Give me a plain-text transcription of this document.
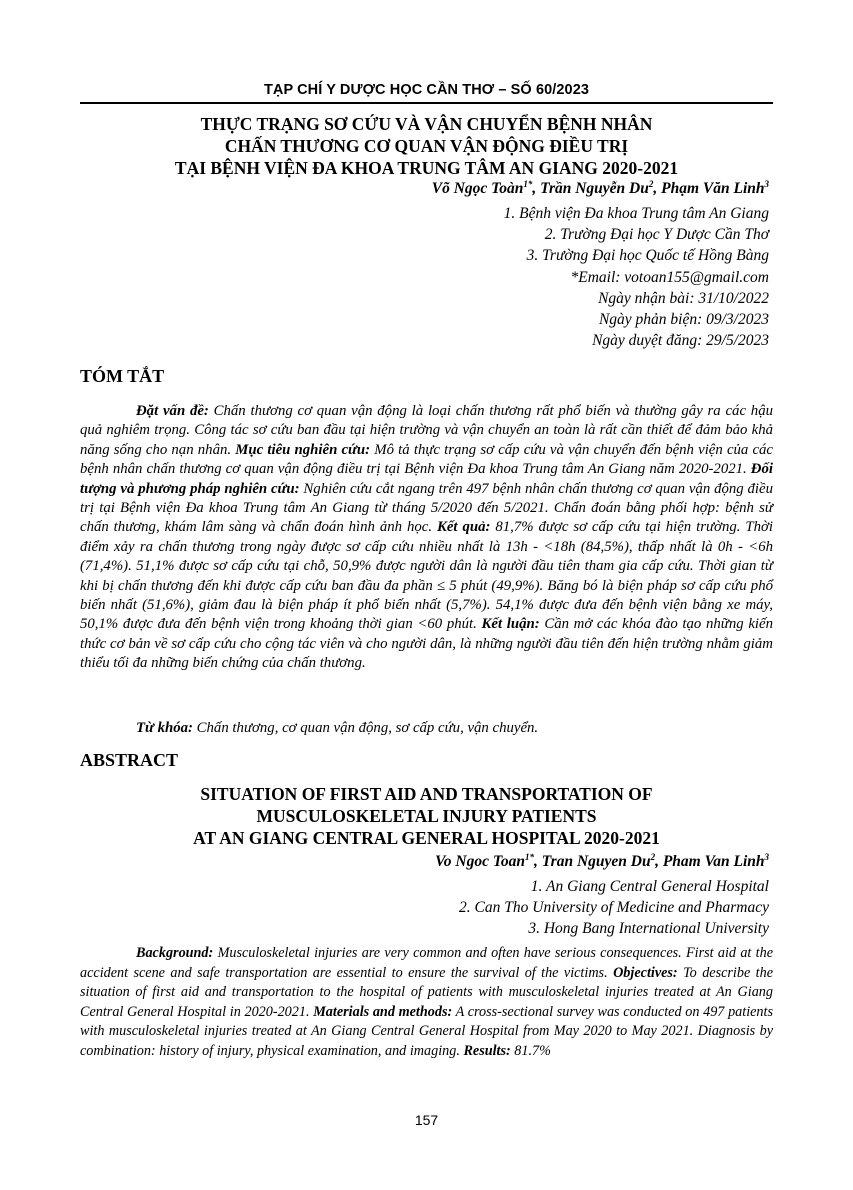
TẠP CHÍ Y DƯỢC HỌC CẦN THƠ – SỐ 60/2023
THỰC TRẠNG SƠ CỨU VÀ VẬN CHUYỂN BỆNH NHÂN
CHẤN THƯƠNG CƠ QUAN VẬN ĐỘNG ĐIỀU TRỊ
TẠI BỆNH VIỆN ĐA KHOA TRUNG TÂM AN GIANG 2020-2021
Võ Ngọc Toàn$^{1*}$, Trần Nguyễn Du$^2$, Phạm Văn Linh$^3$
1. Bệnh viện Đa khoa Trung tâm An Giang
2. Trường Đại học Y Dược Cần Thơ
3. Trường Đại học Quốc tế Hồng Bàng
*Email: votoan155@gmail.com
Ngày nhận bài: 31/10/2022
Ngày phản biện: 09/3/2023
Ngày duyệt đăng: 29/5/2023
TÓM TẮT
Đặt vấn đề: Chấn thương cơ quan vận động là loại chấn thương rất phổ biến và thường gây ra các hậu quả nghiêm trọng. Công tác sơ cứu ban đầu tại hiện trường và vận chuyển an toàn là rất cần thiết để đảm bảo khả năng sống cho nạn nhân. Mục tiêu nghiên cứu: Mô tả thực trạng sơ cấp cứu và vận chuyển đến bệnh viện của các bệnh nhân chấn thương cơ quan vận động điều trị tại Bệnh viện Đa khoa Trung tâm An Giang năm 2020-2021. Đối tượng và phương pháp nghiên cứu: Nghiên cứu cắt ngang trên 497 bệnh nhân chấn thương cơ quan vận động điều trị tại Bệnh viện Đa khoa Trung tâm An Giang từ tháng 5/2020 đến 5/2021. Chẩn đoán bằng phối hợp: bệnh sử chấn thương, khám lâm sàng và chẩn đoán hình ảnh học. Kết quả: 81,7% được sơ cấp cứu tại hiện trường. Thời điểm xảy ra chấn thương trong ngày được sơ cấp cứu nhiều nhất là 13h - <18h (84,5%), thấp nhất là 0h - <6h (71,4%). 51,1% được sơ cấp cứu tại chỗ, 50,9% được người dân là người đầu tiên tham gia cấp cứu. Thời gian từ khi bị chấn thương đến khi được cấp cứu ban đầu đa phần ≤ 5 phút (49,9%). Băng bó là biện pháp sơ cấp cứu phổ biến nhất (51,6%), giảm đau là biện pháp ít phổ biến nhất (5,7%). 54,1% được đưa đến bệnh viện bằng xe máy, 50,1% được đưa đến bệnh viện trong khoảng thời gian <60 phút. Kết luận: Cần mở các khóa đào tạo những kiến thức cơ bản về sơ cấp cứu cho cộng tác viên và cho người dân, là những người đầu tiên đến hiện trường nhằm giảm thiểu tối đa những biến chứng của chấn thương.
Từ khóa: Chấn thương, cơ quan vận động, sơ cấp cứu, vận chuyển.
ABSTRACT
SITUATION OF FIRST AID AND TRANSPORTATION OF
MUSCULOSKELETAL INJURY PATIENTS
AT AN GIANG CENTRAL GENERAL HOSPITAL 2020-2021
Vo Ngoc Toan$^{1*}$, Tran Nguyen Du$^2$, Pham Van Linh$^3$
1. An Giang Central General Hospital
2. Can Tho University of Medicine and Pharmacy
3. Hong Bang International University
Background: Musculoskeletal injuries are very common and often have serious consequences. First aid at the accident scene and safe transportation are essential to ensure the survival of the victims. Objectives: To describe the situation of first aid and transportation to the hospital of patients with musculoskeletal injuries treated at An Giang Central General Hospital in 2020-2021. Materials and methods: A cross-sectional survey was conducted on 497 patients with musculoskeletal injuries treated at An Giang Central General Hospital from May 2020 to May 2021. Diagnosis by combination: history of injury, physical examination, and imaging. Results: 81.7%
157
